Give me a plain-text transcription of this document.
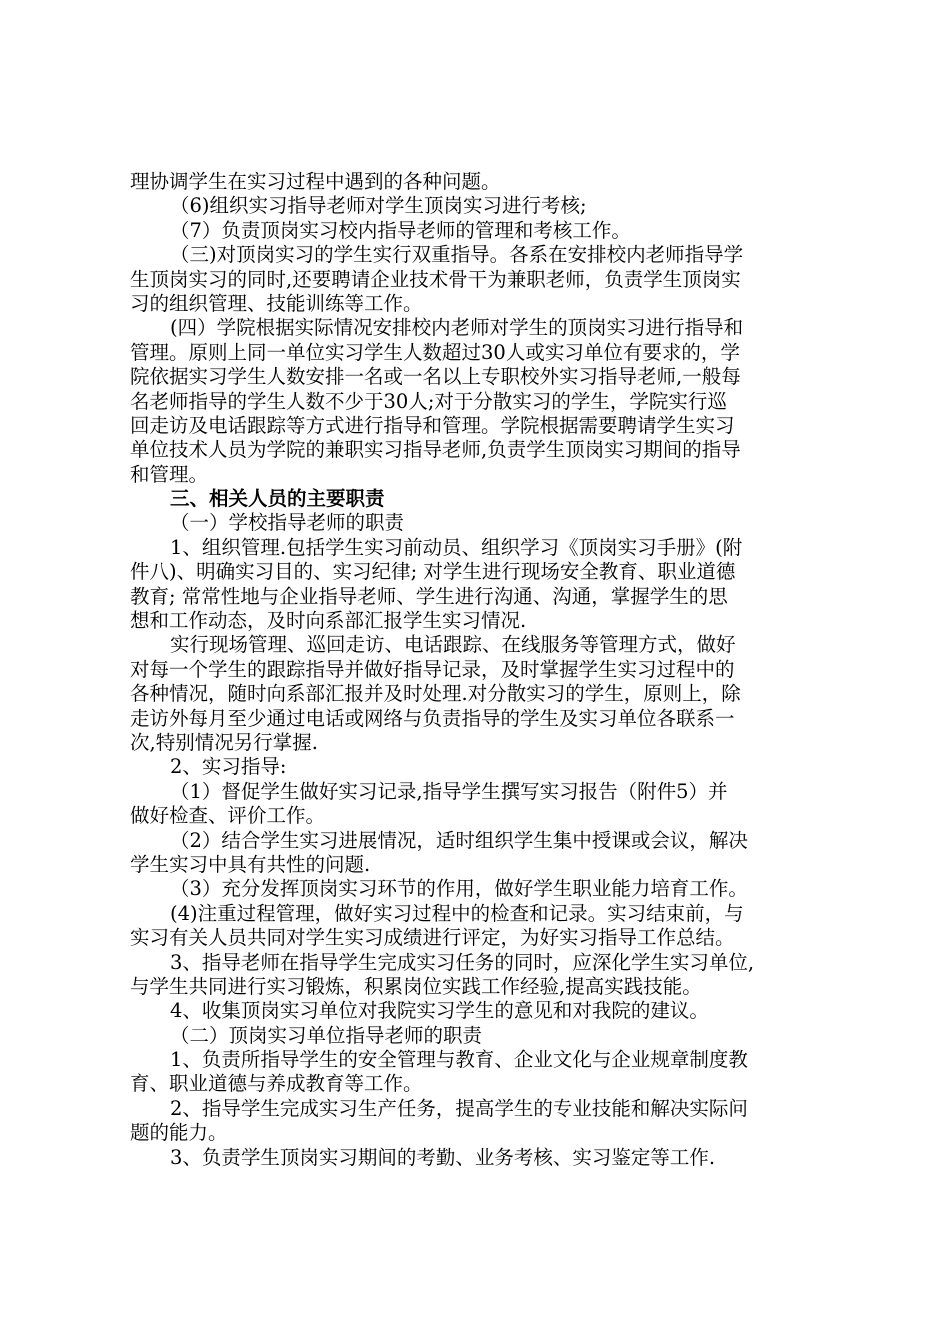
理协调学生在实习过程中遇到的各种问题。
（6)组织实习指导老师对学生顶岗实习进行考核;
（7）负责顶岗实习校内指导老师的管理和考核工作。
（三)对顶岗实习的学生实行双重指导。各系在安排校内老师指导学
生顶岗实习的同时,还要聘请企业技术骨干为兼职老师，负责学生顶岗实
习的组织管理、技能训练等工作。
(四）学院根据实际情况安排校内老师对学生的顶岗实习进行指导和
管理。原则上同一单位实习学生人数超过30人或实习单位有要求的，学
院依据实习学生人数安排一名或一名以上专职校外实习指导老师,一般每
名老师指导的学生人数不少于30人;对于分散实习的学生，学院实行巡
回走访及电话跟踪等方式进行指导和管理。学院根据需要聘请学生实习
单位技术人员为学院的兼职实习指导老师,负责学生顶岗实习期间的指导
和管理。
三、相关人员的主要职责
（一）学校指导老师的职责
1、组织管理.包括学生实习前动员、组织学习《顶岗实习手册》(附
件八)、明确实习目的、实习纪律; 对学生进行现场安全教育、职业道德
教育; 常常性地与企业指导老师、学生进行沟通、沟通，掌握学生的思
想和工作动态，及时向系部汇报学生实习情况.
实行现场管理、巡回走访、电话跟踪、在线服务等管理方式，做好
对每一个学生的跟踪指导并做好指导记录，及时掌握学生实习过程中的
各种情况，随时向系部汇报并及时处理.对分散实习的学生，原则上，除
走访外每月至少通过电话或网络与负责指导的学生及实习单位各联系一
次,特别情况另行掌握.
2、实习指导:
（1）督促学生做好实习记录,指导学生撰写实习报告（附件5）并
做好检查、评价工作。
（2）结合学生实习进展情况，适时组织学生集中授课或会议，解决
学生实习中具有共性的问题.
（3）充分发挥顶岗实习环节的作用，做好学生职业能力培育工作。
(4)注重过程管理，做好实习过程中的检查和记录。实习结束前，与
实习有关人员共同对学生实习成绩进行评定，为好实习指导工作总结。
3、指导老师在指导学生完成实习任务的同时，应深化学生实习单位,
与学生共同进行实习锻炼，积累岗位实践工作经验,提高实践技能。
4、收集顶岗实习单位对我院实习学生的意见和对我院的建议。
（二）顶岗实习单位指导老师的职责
1、负责所指导学生的安全管理与教育、企业文化与企业规章制度教
育、职业道德与养成教育等工作。
2、指导学生完成实习生产任务，提高学生的专业技能和解决实际问
题的能力。
3、负责学生顶岗实习期间的考勤、业务考核、实习鉴定等工作.
